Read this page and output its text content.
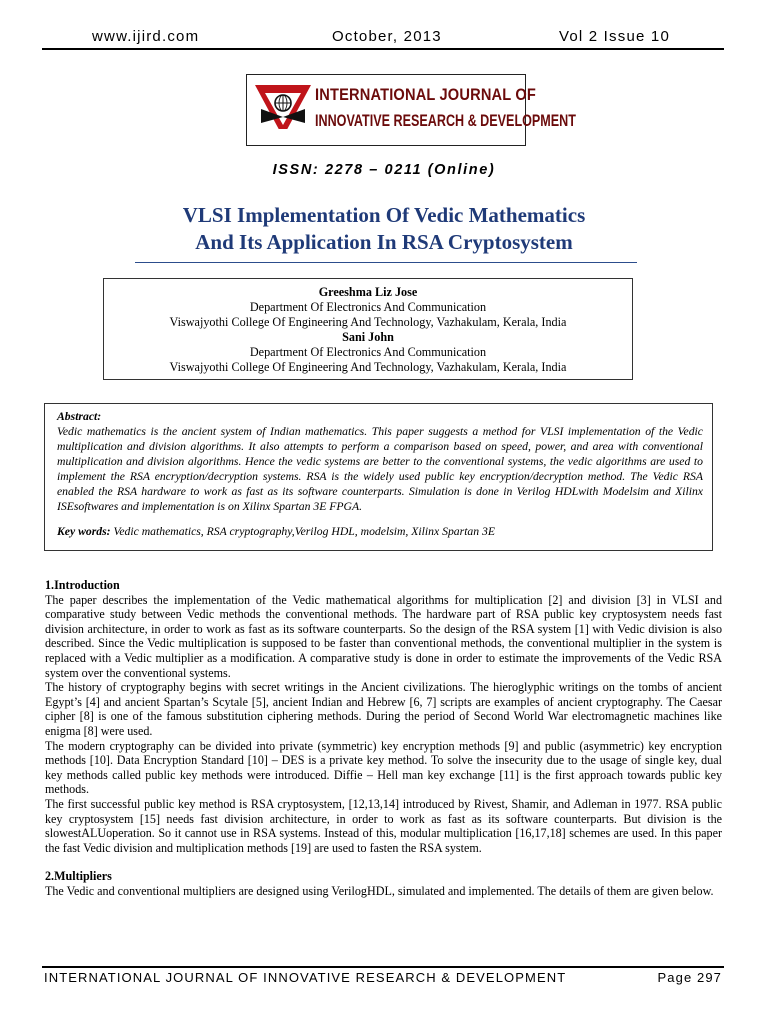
www.ijird.com	October, 2013	Vol 2 Issue 10
INTERNATIONAL JOURNAL OF
INNOVATIVE RESEARCH & DEVELOPMENT
ISSN: 2278 – 0211 (Online)
VLSI Implementation Of Vedic Mathematics
And Its Application In RSA Cryptosystem
Greeshma Liz Jose
Department Of Electronics And Communication
Viswajyothi College Of Engineering And Technology, Vazhakulam, Kerala, India
Sani John
Department Of Electronics And Communication
Viswajyothi College Of Engineering And Technology, Vazhakulam, Kerala, India
Abstract:
Vedic mathematics is the ancient system of Indian mathematics. This paper suggests a method for VLSI implementation of the Vedic multiplication and division algorithms. It also attempts to perform a comparison based on speed, power, and area with conventional multiplication and division algorithms. Hence the vedic systems are better to the conventional systems, the vedic algorithms are used to implement the RSA encryption/decryption systems. RSA is the widely used public key encryption/decryption method. The Vedic RSA enabled the RSA hardware to work as fast as its software counterparts. Simulation is done in Verilog HDLwith Modelsim and Xilinx ISEsoftwares and implementation is on Xilinx Spartan 3E FPGA.
Key words: Vedic mathematics, RSA cryptography,Verilog HDL, modelsim, Xilinx Spartan 3E
1.Introduction

The paper describes the implementation of the Vedic mathematical algorithms for multiplication [2] and division [3] in VLSI and comparative study between Vedic methods the conventional methods. The hardware part of RSA public key cryptosystem needs fast division architecture, in order to work as fast as its software counterparts. So the design of the RSA system [1] with Vedic division is also described. Since the Vedic multiplication is supposed to be faster than conventional methods, the conventional multiplier in the system is replaced with a Vedic multiplier as a modification. A comparative study is done in order to estimate the improvements of the Vedic RSA system over the conventional systems.

The history of cryptography begins with secret writings in the Ancient civilizations. The hieroglyphic writings on the tombs of ancient Egypt’s [4] and ancient Spartan’s Scytale [5], ancient Indian and Hebrew [6, 7] scripts are examples of ancient cryptography. The Caesar cipher [8] is one of the famous substitution ciphering methods. During the period of Second World War electromagnetic machines like enigma [8] were used.

The modern cryptography can be divided into private (symmetric) key encryption methods [9] and public (asymmetric) key encryption methods [10]. Data Encryption Standard [10] – DES is a private key method. To solve the insecurity due to the usage of single key, dual key methods called public key methods were introduced. Diffie – Hell man key exchange [11] is the first approach towards public key methods.

The first successful public key method is RSA cryptosystem, [12,13,14] introduced by Rivest, Shamir, and Adleman in 1977. RSA public key cryptosystem [15] needs fast division architecture, in order to work as fast as its software counterparts. But division is the slowestALUoperation. So it cannot use in RSA systems. Instead of this, modular multiplication [16,17,18] schemes are used. In this paper the fast Vedic division and multiplication methods [19] are used to fasten the RSA system.

2.Multipliers

The Vedic and conventional multipliers are designed using VerilogHDL, simulated and implemented. The details of them are given below.

INTERNATIONAL JOURNAL OF INNOVATIVE RESEARCH & DEVELOPMENT	Page 297
